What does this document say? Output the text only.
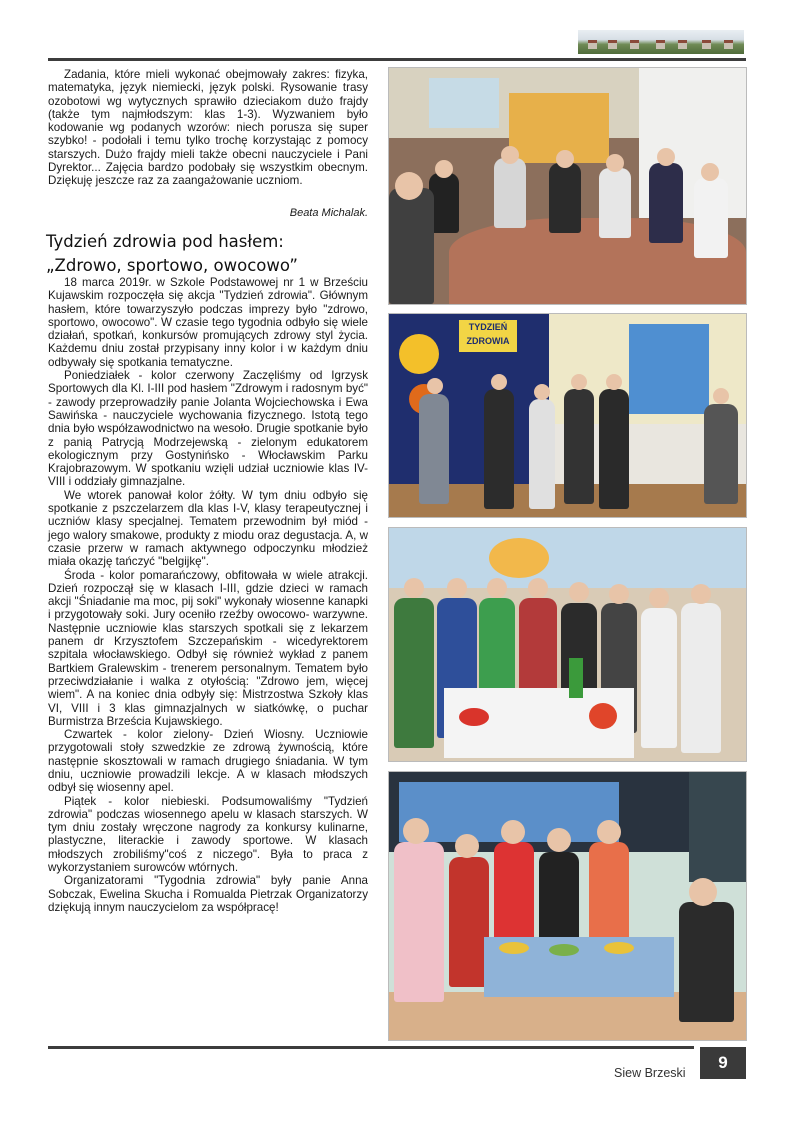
Zadania, które mieli wykonać obejmowały zakres: fizyka, matematyka, język niemiecki, język polski. Rysowanie trasy ozobotowi wg wytycznych sprawiło dzieciakom dużo frajdy (także tym najmłodszym: klas 1-3). Wyzwaniem było kodowanie wg podanych wzorów: niech porusza się super szybko! - podołali i temu tylko trochę korzystając z pomocy starszych. Dużo frajdy mieli także obecni nauczyciele i Pani Dyrektor... Zajęcia bardzo podobały się wszystkim obecnym. Dziękuję jeszcze raz za zaangażowanie uczniom.

Beata Michalak.
Tydzień zdrowia pod hasłem:
„Zdrowo, sportowo, owocowo”

18 marca 2019r. w Szkole Podstawowej nr 1 w Brześciu Kujawskim rozpoczęła się akcja "Tydzień zdrowia". Głównym hasłem, które towarzyszyło podczas imprezy było "zdrowo, sportowo, owocowo". W czasie tego tygodnia odbyło się wiele działań, spotkań, konkursów promujących zdrowy styl życia. Każdemu dniu został przypisany inny kolor i w każdym dniu odbywały się spotkania tematyczne.

Poniedziałek - kolor czerwony Zaczęliśmy od Igrzysk Sportowych dla Kl. I-III pod hasłem "Zdrowym i radosnym być" - zawody przeprowadziły panie Jolanta Wojciechowska i Ewa Sawińska - nauczyciele wychowania fizycznego. Istotą tego dnia było współzawodnictwo na wesoło. Drugie spotkanie było z panią Patrycją Modrzejewską - zielonym edukatorem ekologicznym przy Gostynińsko - Włocławskim Parku Krajobrazowym. W spotkaniu wzięli udział uczniowie klas IV-VIII i oddziały gimnazjalne.

We wtorek panował kolor żółty. W tym dniu odbyło się spotkanie z pszczelarzem dla klas I-V, klasy terapeutycznej i uczniów klasy specjalnej. Tematem przewodnim był miód - jego walory smakowe, produkty z miodu oraz degustacja. A, w czasie przerw w ramach aktywnego odpoczynku młodzież miała okazję tańczyć "belgijkę".

Środa - kolor pomarańczowy, obfitowała w wiele atrakcji. Dzień rozpoczął się w klasach I-III, gdzie dzieci w ramach akcji "Śniadanie ma moc, pij soki" wykonały wiosenne kanapki i przygotowały soki. Jury oceniło rzeźby owocowo- warzywne. Następnie uczniowie klas starszych spotkali się z lekarzem panem dr Krzysztofem Szczepańskim - wicedyrektorem szpitala włocławskiego. Odbył się również wykład z panem Bartkiem Gralewskim - trenerem personalnym. Tematem było przeciwdziałanie i walka z otyłością: "Zdrowo jem, więcej wiem". A na koniec dnia odbyły się: Mistrzostwa Szkoły klas VI, VIII i 3 klas gimnazjalnych w siatkówkę, o puchar Burmistrza Brześcia Kujawskiego.

Czwartek - kolor zielony- Dzień Wiosny. Uczniowie przygotowali stoły szwedzkie ze zdrową żywnością, które następnie skosztowali w ramach drugiego śniadania. W tym dniu, uczniowie prowadzili lekcje. A w klasach młodszych odbył się wiosenny apel.

Piątek - kolor niebieski. Podsumowaliśmy "Tydzień zdrowia" podczas wiosennego apelu w klasach starszych. W tym dniu zostały wręczone nagrody za konkursy kulinarne, plastyczne, literackie i zawody sportowe. W klasach młodszych zrobiliśmy"coś z niczego". Była to praca z wykorzystaniem surowców wtórnych.

Organizatorami "Tygodnia zdrowia" były panie Anna Sobczak, Ewelina Skucha i Romualda Pietrzak Organizatorzy dziękują innym nauczycielom za współpracę!

TYDZIEŃ ZDROWIA
Siew Brzeski
9
